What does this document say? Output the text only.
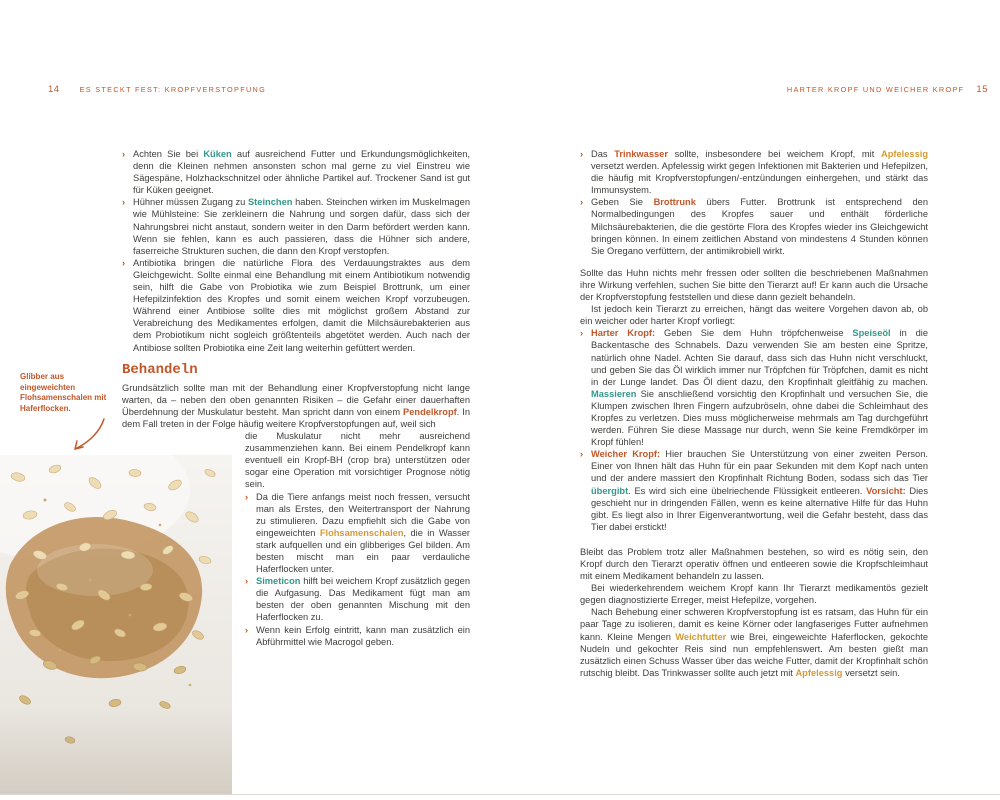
14	ES STECKT FEST: KROPFVERSTOPFUNG	HARTER KROPF UND WEICHER KROPF 15

Glibber aus eingeweichten Flohsamenschalen mit Haferflocken.

› Achten Sie bei Küken auf ausreichend Futter und Erkundungsmöglichkeiten, denn die Kleinen nehmen ansonsten schon mal gerne zu viel Einstreu wie Sägespäne, Holzhackschnitzel oder ähnliche Partikel auf. Trockener Sand ist gut für Küken geeignet.
› Hühner müssen Zugang zu Steinchen haben. Steinchen wirken im Muskelmagen wie Mühlsteine: Sie zerkleinern die Nahrung und sorgen dafür, dass sich der Nahrungsbrei nicht anstaut, sondern weiter in den Darm befördert werden kann. Wenn sie fehlen, kann es auch passieren, dass die Hühner sich andere, faserreiche Strukturen suchen, die dann den Kropf verstopfen.
› Antibiotika bringen die natürliche Flora des Verdauungstraktes aus dem Gleichgewicht. Sollte einmal eine Behandlung mit einem Antibiotikum notwendig sein, hilft die Gabe von Probiotika wie zum Beispiel Brottrunk, um einer Hefepilzinfektion des Kropfes und somit einem weichen Kropf vorzubeugen. Während einer Antibiose sollte dies mit möglichst großem Abstand zur Verabreichung des Medikamentes erfolgen, damit die Milchsäurebakterien aus dem Probiotikum nicht sogleich größtenteils abgetötet werden. Auch nach der Antibiose sollten Probiotika eine Zeit lang weiterhin gefüttert werden.
Behandeln

Grundsätzlich sollte man mit der Behandlung einer Kropfverstopfung nicht lange warten, da – neben den oben genannten Risiken – die Gefahr einer dauerhaften Überdehnung der Muskulatur besteht. Man spricht dann von einem Pendelkropf. In dem Fall treten in der Folge häufig weitere Kropfverstopfungen auf, weil sich

die Muskulatur nicht mehr ausreichend zusammenziehen kann. Bei einem Pendelkropf kann eventuell ein Kropf-BH (crop bra) unterstützen oder sogar eine Operation mit vorsichtiger Prognose nötig sein.

› Da die Tiere anfangs meist noch fressen, versucht man als Erstes, den Weitertransport der Nahrung zu stimulieren. Dazu empfiehlt sich die Gabe von eingeweichten Flohsamenschalen, die in Wasser stark aufquellen und ein glibberiges Gel bilden. Am besten mischt man ein paar verdauliche Haferflocken unter.
› Simeticon hilft bei weichem Kropf zusätzlich gegen die Aufgasung. Das Medikament fügt man am besten der oben genannten Mischung mit den Haferflocken zu.
› Wenn kein Erfolg eintritt, kann man zusätzlich ein Abführmittel wie Macrogol geben.
› Das Trinkwasser sollte, insbesondere bei weichem Kropf, mit Apfelessig versetzt werden. Apfelessig wirkt gegen Infektionen mit Bakterien und Hefepilzen, die häufig mit Kropfverstopfungen/-entzündungen einhergehen, und stärkt das Immunsystem.
› Geben Sie Brottrunk übers Futter. Brottrunk ist entsprechend den Normalbedingungen des Kropfes sauer und enthält förderliche Milchsäurebakterien, die die gestörte Flora des Kropfes wieder ins Gleichgewicht bringen können. In einem zeitlichen Abstand von mindestens 4 Stunden können Sie Oregano verfüttern, der antimikrobiell wirkt.

Sollte das Huhn nichts mehr fressen oder sollten die beschriebenen Maßnahmen ihre Wirkung verfehlen, suchen Sie bitte den Tierarzt auf! Er kann auch die Ursache der Kropfverstopfung feststellen und diese dann gezielt behandeln.

Ist jedoch kein Tierarzt zu erreichen, hängt das weitere Vorgehen davon ab, ob ein weicher oder harter Kropf vorliegt:

› Harter Kropf: Geben Sie dem Huhn tröpfchenweise Speiseöl in die Backentasche des Schnabels. Dazu verwenden Sie am besten eine Spritze, natürlich ohne Nadel. Achten Sie darauf, dass sich das Huhn nicht verschluckt, und geben Sie das Öl wirklich immer nur Tröpfchen für Tröpfchen, damit es nicht in der Lunge landet. Das Öl dient dazu, den Kropfinhalt gleitfähig zu machen. Massieren Sie anschließend vorsichtig den Kropfinhalt und versuchen Sie, die Klumpen zwischen Ihren Fingern aufzubröseln, ohne dabei die Schleimhaut des Kropfes zu verletzen. Dies muss möglicherweise mehrmals am Tag durchgeführt werden. Führen Sie diese Massage nur durch, wenn Sie keine Fremdkörper im Kropf fühlen!
› Weicher Kropf: Hier brauchen Sie Unterstützung von einer zweiten Person. Einer von Ihnen hält das Huhn für ein paar Sekunden mit dem Kopf nach unten und der andere massiert den Kropfinhalt Richtung Boden, sodass sich das Tier übergibt. Es wird sich eine übelriechende Flüssigkeit entleeren. Vorsicht: Dies geschieht nur in dringenden Fällen, wenn es keine alternative Hilfe für das Huhn gibt. Es liegt also in Ihrer Eigenverantwortung, weil die Gefahr besteht, dass das Tier dabei erstickt!

Bleibt das Problem trotz aller Maßnahmen bestehen, so wird es nötig sein, den Kropf durch den Tierarzt operativ öffnen und entleeren sowie die Kropfschleimhaut mit einem Medikament behandeln zu lassen.

Bei wiederkehrendem weichem Kropf kann Ihr Tierarzt medikamentös gezielt gegen diagnostizierte Erreger, meist Hefepilze, vorgehen.

Nach Behebung einer schweren Kropfverstopfung ist es ratsam, das Huhn für ein paar Tage zu isolieren, damit es keine Körner oder langfaseriges Futter aufnehmen kann. Kleine Mengen Weichfutter wie Brei, eingeweichte Haferflocken, gekochte Nudeln und gekochter Reis sind nun empfehlenswert. Am besten gießt man zusätzlich einen Schuss Wasser über das weiche Futter, damit der Kropfinhalt schön rutschig bleibt. Das Trinkwasser sollte auch jetzt mit Apfelessig versetzt sein.
